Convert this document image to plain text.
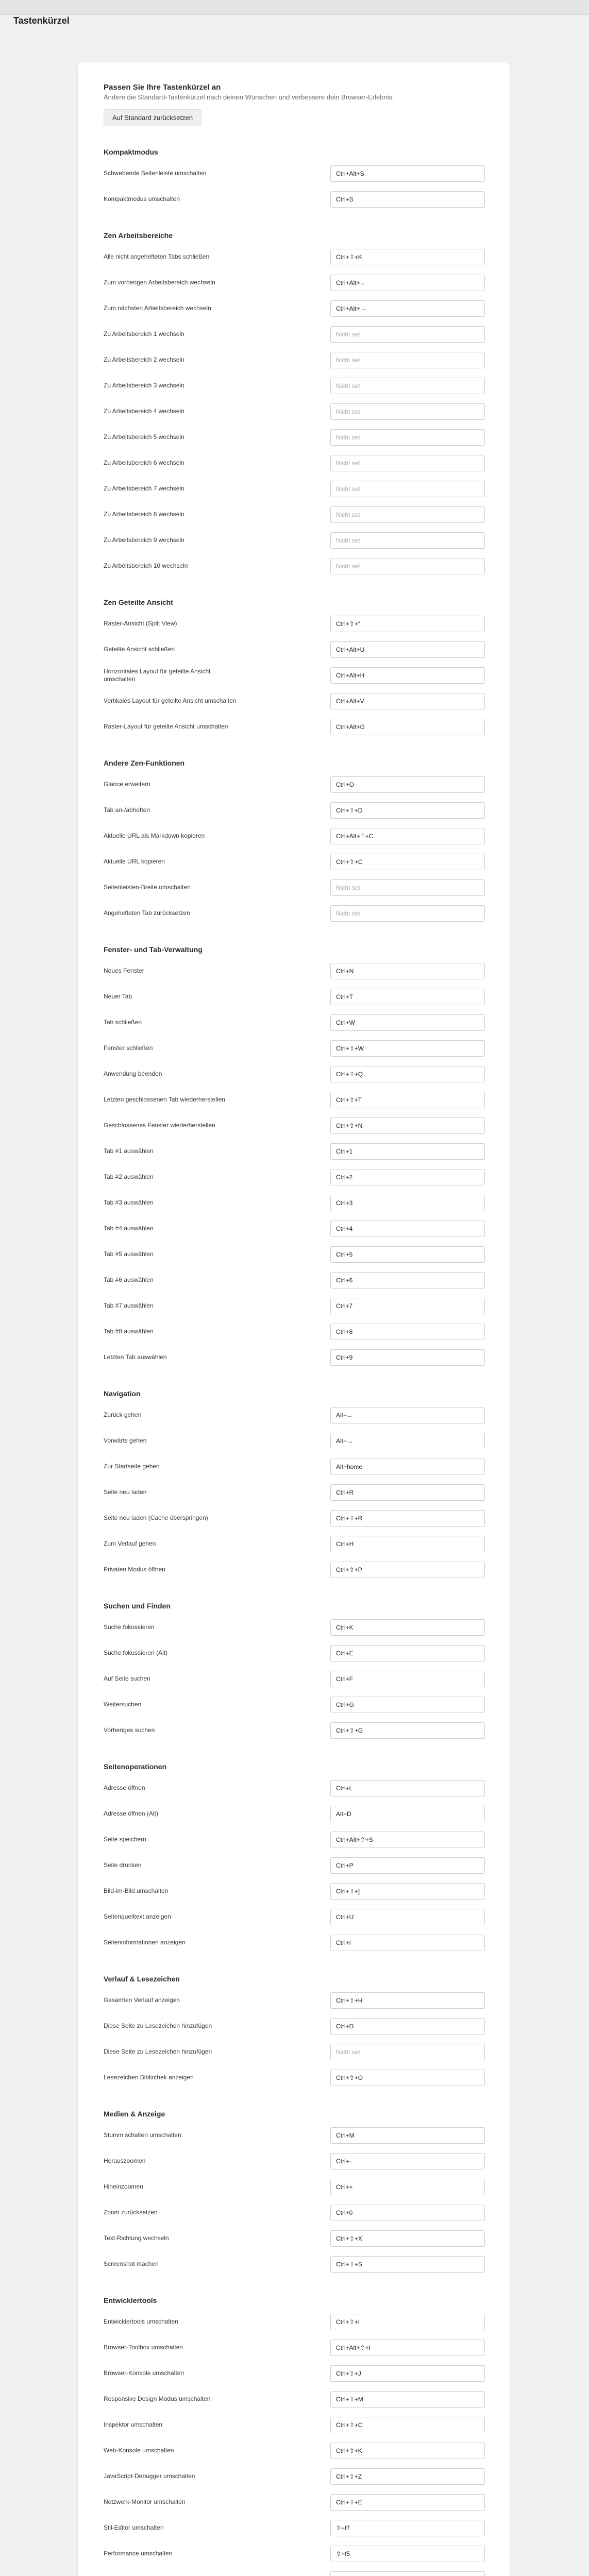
Tastenkürzel
Passen Sie Ihre Tastenkürzel an
Ändere die Standard-Tastenkürzel nach deinen Wünschen und verbessere dein Browser-Erlebnis.
Auf Standard zurücksetzen
Kompaktmodus
Schwebende Seitenleiste umschalten	Ctrl+Alt+S
Kompaktmodus umschalten	Ctrl+S
Zen Arbeitsbereiche
Alle nicht angehefteten Tabs schließen	Ctrl+⇧+K
Zum vorherigen Arbeitsbereich wechseln	Ctrl+Alt+←
Zum nächsten Arbeitsbereich wechseln	Ctrl+Alt+→
Zu Arbeitsbereich 1 wechseln	Nicht set
Zu Arbeitsbereich 2 wechseln	Nicht set
Zu Arbeitsbereich 3 wechseln	Nicht set
Zu Arbeitsbereich 4 wechseln	Nicht set
Zu Arbeitsbereich 5 wechseln	Nicht set
Zu Arbeitsbereich 6 wechseln	Nicht set
Zu Arbeitsbereich 7 wechseln	Nicht set
Zu Arbeitsbereich 8 wechseln	Nicht set
Zu Arbeitsbereich 9 wechseln	Nicht set
Zu Arbeitsbereich 10 wechseln	Nicht set
Zen Geteilte Ansicht
Raster-Ansicht (Split View)	Ctrl+⇧+"
Geteilte Ansicht schließen	Ctrl+Alt+U
Horizontales Layout für geteilte Ansicht umschalten	Ctrl+Alt+H
Vertikales Layout für geteilte Ansicht umschalten	Ctrl+Alt+V
Raster-Layout für geteilte Ansicht umschalten	Ctrl+Alt+G
Andere Zen-Funktionen
Glance erweitern	Ctrl+O
Tab an-/abheften	Ctrl+⇧+D
Aktuelle URL als Markdown kopieren	Ctrl+Alt+⇧+C
Aktuelle URL kopieren	Ctrl+⇧+C
Seitenleisten-Breite umschalten	Nicht set
Angehefteten Tab zurücksetzen	Nicht set
Fenster- und Tab-Verwaltung
Neues Fenster	Ctrl+N
Neuer Tab	Ctrl+T
Tab schließen	Ctrl+W
Fenster schließen	Ctrl+⇧+W
Anwendung beenden	Ctrl+⇧+Q
Letzten geschlossenen Tab wiederherstellen	Ctrl+⇧+T
Geschlossenes Fenster wiederherstellen	Ctrl+⇧+N
Tab #1 auswählen	Ctrl+1
Tab #2 auswählen	Ctrl+2
Tab #3 auswählen	Ctrl+3
Tab #4 auswählen	Ctrl+4
Tab #5 auswählen	Ctrl+5
Tab #6 auswählen	Ctrl+6
Tab #7 auswählen	Ctrl+7
Tab #8 auswählen	Ctrl+8
Letzten Tab auswählen	Ctrl+9
Navigation
Zurück gehen	Alt+←
Vorwärts gehen	Alt+→
Zur Startseite gehen	Alt+home
Seite neu laden	Ctrl+R
Seite neu laden (Cache überspringen)	Ctrl+⇧+R
Zum Verlauf gehen	Ctrl+H
Privaten Modus öffnen	Ctrl+⇧+P
Suchen und Finden
Suche fokussieren	Ctrl+K
Suche fokussieren (Alt)	Ctrl+E
Auf Seite suchen	Ctrl+F
Weitersuchen	Ctrl+G
Vorheriges suchen	Ctrl+⇧+G
Seitenoperationen
Adresse öffnen	Ctrl+L
Adresse öffnen (Alt)	Alt+D
Seite speichern	Ctrl+Alt+⇧+S
Seite drucken	Ctrl+P
Bild-im-Bild umschalten	Ctrl+⇧+]
Seitenquelltext anzeigen	Ctrl+U
Seiteninformationen anzeigen	Ctrl+I
Verlauf & Lesezeichen
Gesamten Verlauf anzeigen	Ctrl+⇧+H
Diese Seite zu Lesezeichen hinzufügen	Ctrl+D
Diese Seite zu Lesezeichen hinzufügen	Nicht set
Lesezeichen Bibliothek anzeigen	Ctrl+⇧+O
Medien & Anzeige
Stumm schalten umschalten	Ctrl+M
Herauszoomen	Ctrl+-
Hineinzoomen	Ctrl++
Zoom zurücksetzen	Ctrl+0
Text-Richtung wechseln	Ctrl+⇧+X
Screenshot machen	Ctrl+⇧+S
Entwicklertools
Entwicklertools umschalten	Ctrl+⇧+I
Browser-Toolbox umschalten	Ctrl+Alt+⇧+I
Browser-Konsole umschalten	Ctrl+⇧+J
Responsive Design Modus umschalten	Ctrl+⇧+M
Inspektor umschalten	Ctrl+⇧+C
Web-Konsole umschalten	Ctrl+⇧+K
JavaScript-Debugger umschalten	Ctrl+⇧+Z
Netzwerk-Monitor umschalten	Ctrl+⇧+E
Stil-Editor umschalten	⇧+f7
Performance umschalten	⇧+f5
